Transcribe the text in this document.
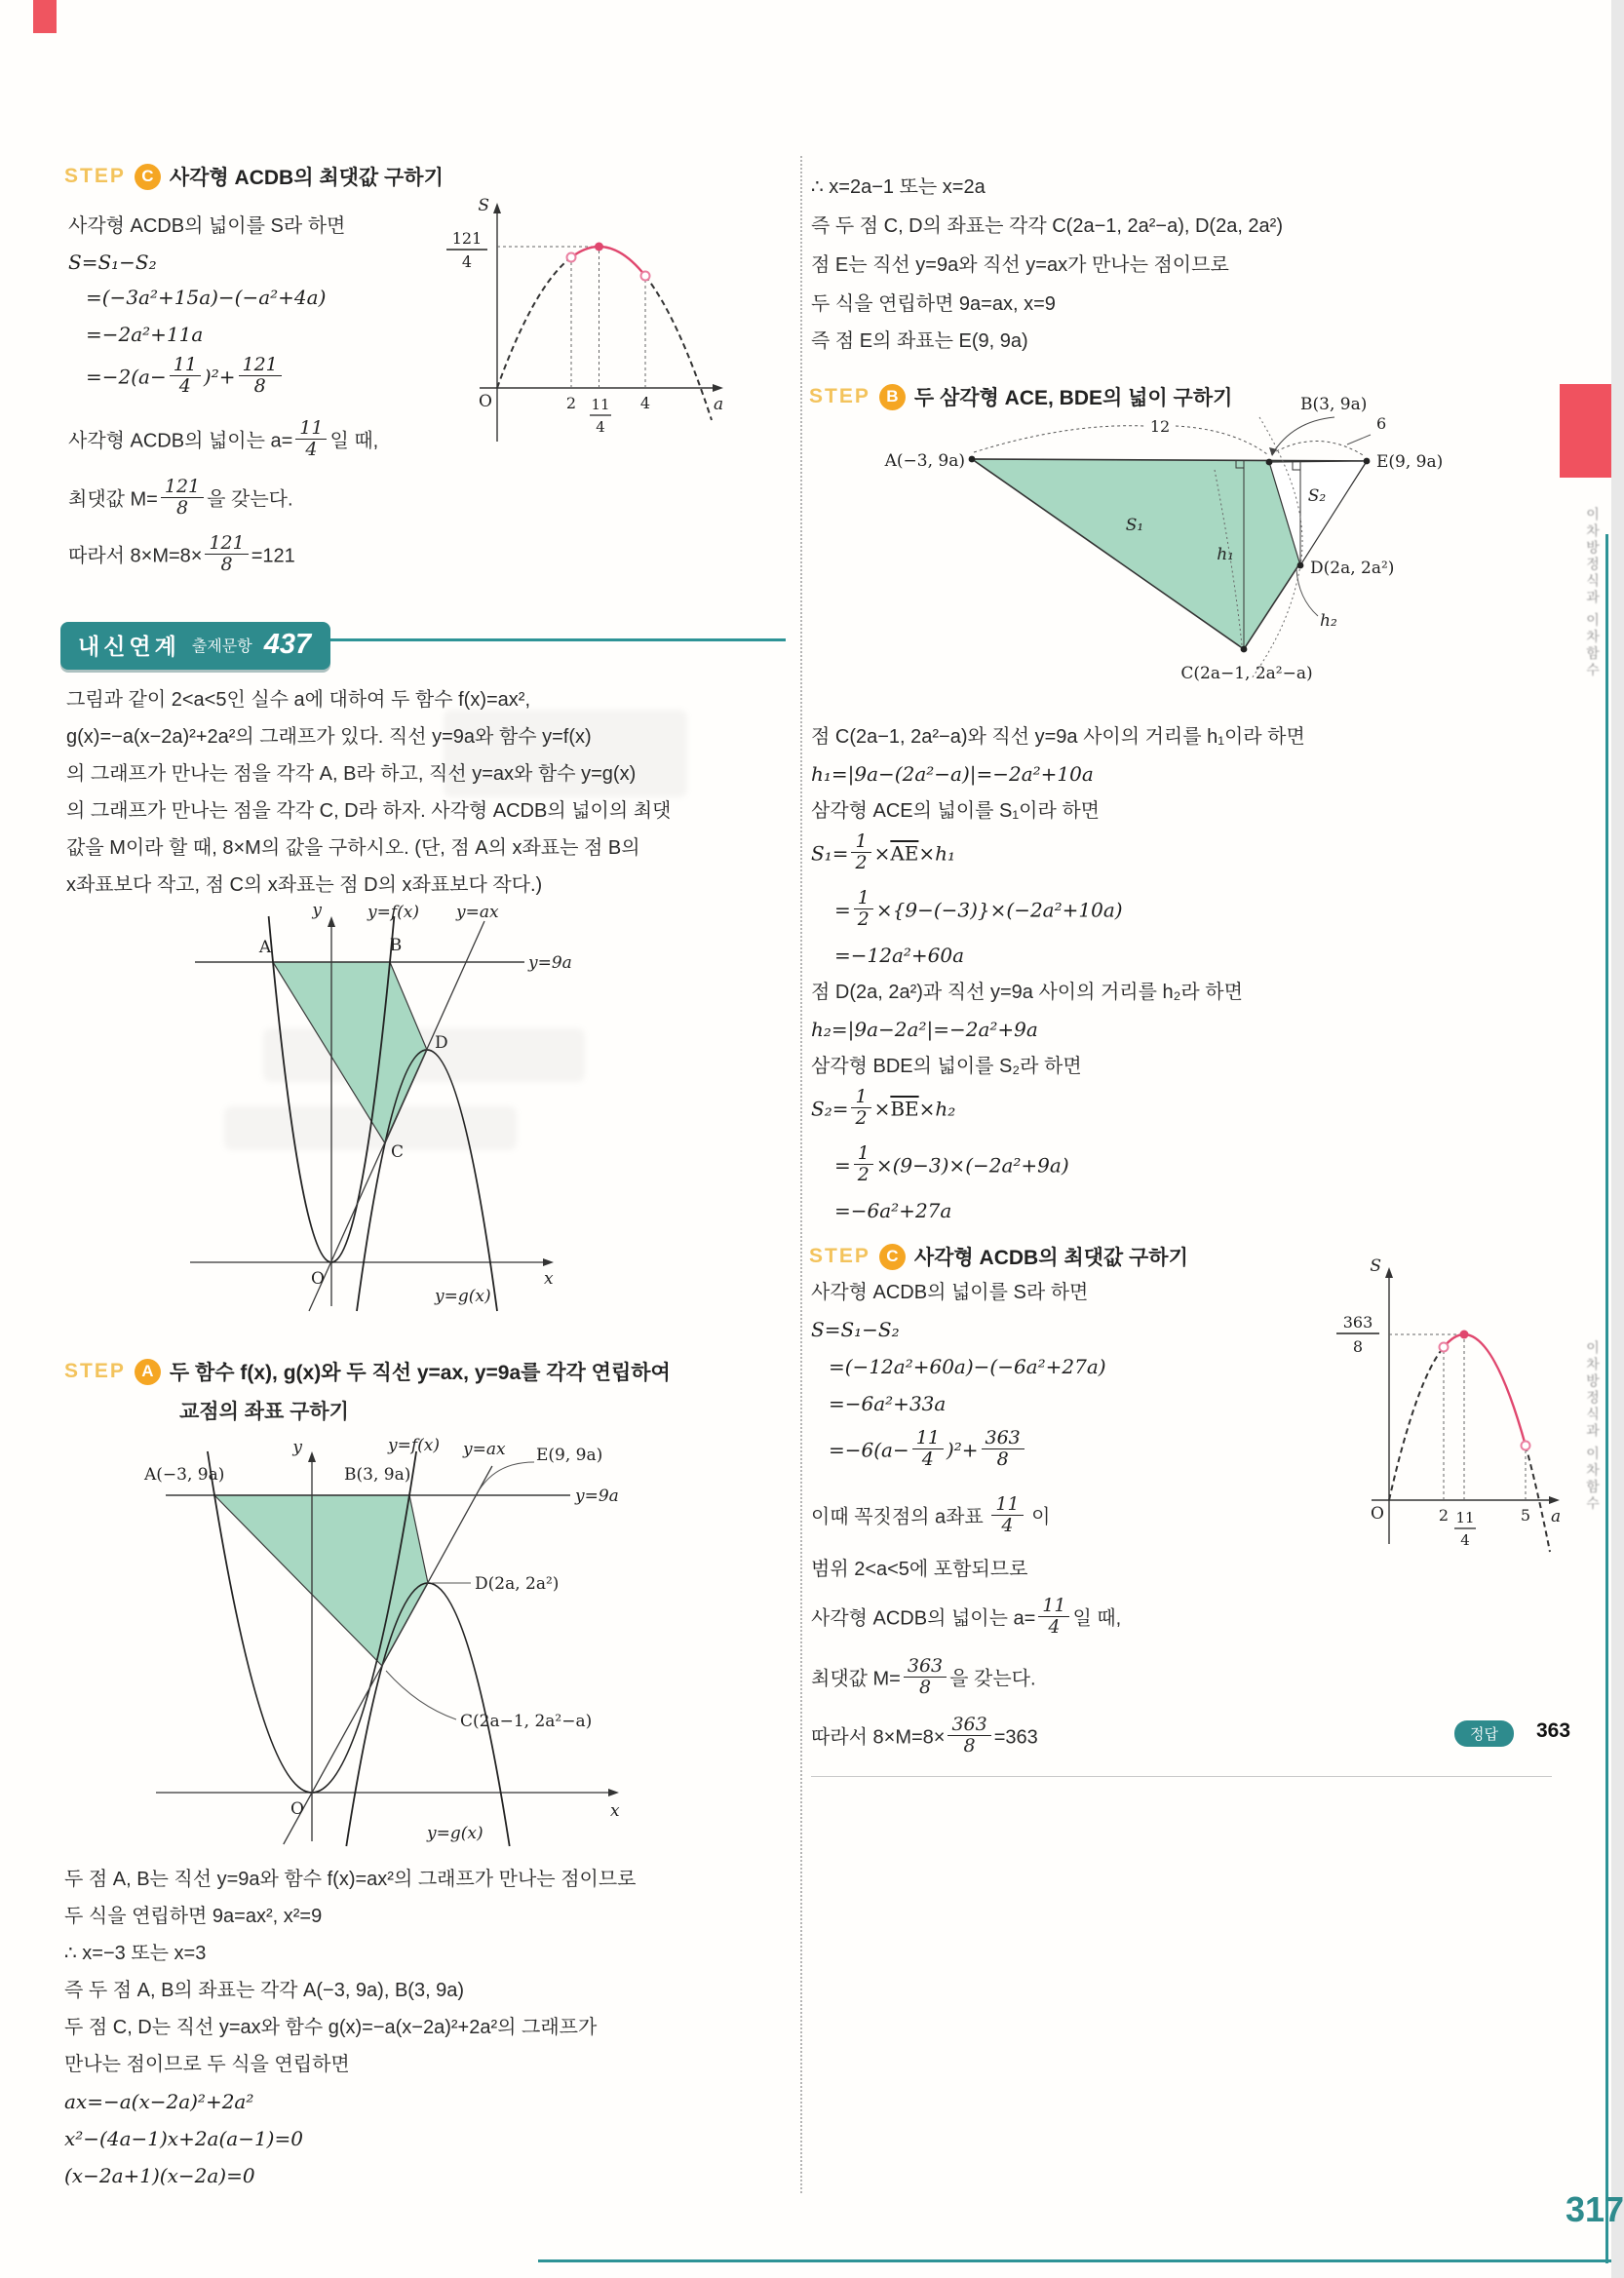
이차방정식과 이차함수
이차방정식과 이차함수
317
STEP C 사각형 ACDB의 최댓값 구하기
사각형 ACDB의 넓이를 S라 하면
S=S₁−S₂
=(−3a²+15a)−(−a²+4a)
=−2a²+11a
$=-2(a- \frac{11}{4} )^2+ \frac{121}{8}$
사각형 ACDB의 넓이는 $a= \frac{11}{4}$ 일 때,
최댓값 $M= \frac{121}{8}$ 을 갖는다.
따라서 $8\times M=8\times \frac{121}{8} =121$
S
121
4
O	2 11
4
4	a
내신연계 출제문항 437
그림과 같이 2<a<5인 실수 a에 대하여 두 함수 f(x)=ax²,
g(x)=−a(x−2a)²+2a²의 그래프가 있다. 직선 y=9a와 함수 y=f(x)
의 그래프가 만나는 점을 각각 A, B라 하고, 직선 y=ax와 함수 y=g(x)
의 그래프가 만나는 점을 각각 C, D라 하자. 사각형 ACDB의 넓이의 최댓
값을 M이라 할 때, 8×M의 값을 구하시오. (단, 점 A의 x좌표는 점 B의
x좌표보다 작고, 점 C의 x좌표는 점 D의 x좌표보다 작다.)
y	y=f(x) y=ax
y=9a
A	B
D
C
O	x
y=g(x)
STEP A 두 함수 f(x), g(x)와 두 직선 y=ax, y=9a를 각각 연립하여
교점의 좌표 구하기
y	y=f(x) y=ax E(9, 9a)
A(−3, 9a)	B(3, 9a)
y=9a
D(2a, 2a²)
C(2a−1, 2a²−a)
O	x
y=g(x)
두 점 A, B는 직선 y=9a와 함수 f(x)=ax²의 그래프가 만나는 점이므로
두 식을 연립하면 9a=ax², x²=9
∴ x=−3 또는 x=3
즉 두 점 A, B의 좌표는 각각 A(−3, 9a), B(3, 9a)
두 점 C, D는 직선 y=ax와 함수 g(x)=−a(x−2a)²+2a²의 그래프가
만나는 점이므로 두 식을 연립하면
ax=−a(x−2a)²+2a²
x²−(4a−1)x+2a(a−1)=0
(x−2a+1)(x−2a)=0
∴ x=2a−1 또는 x=2a
즉 두 점 C, D의 좌표는 각각 C(2a−1, 2a²−a), D(2a, 2a²)
점 E는 직선 y=9a와 직선 y=ax가 만나는 점이므로
두 식을 연립하면 9a=ax, x=9
즉 점 E의 좌표는 E(9, 9a)
STEP B 두 삼각형 ACE, BDE의 넓이 구하기	B(3, 9a)
12	6
A(−3, 9a)	E(9, 9a)
S₁
S₂
h₁
h₂
D(2a, 2a²)
C(2a−1, 2a²−a)
점 C(2a−1, 2a²−a)와 직선 y=9a 사이의 거리를 h₁이라 하면
h₁=|9a−(2a²−a)|=−2a²+10a
삼각형 ACE의 넓이를 S₁이라 하면
$S_1= \frac{1}{2} \times\overline{AE}\times h_1$
= $\frac{1}{2} \times\{9-(-3)\}\times(-2a^2+10a)$
=−12a²+60a
점 D(2a, 2a²)과 직선 y=9a 사이의 거리를 h₂라 하면
h₂=|9a−2a²|=−2a²+9a
삼각형 BDE의 넓이를 S₂라 하면
$S_2= \frac{1}{2} \times\overline{BE}\times h_2$
= $\frac{1}{2} \times(9-3)\times(-2a^2+9a)$
=−6a²+27a
STEP C 사각형 ACDB의 최댓값 구하기
사각형 ACDB의 넓이를 S라 하면
S=S₁−S₂
=(−12a²+60a)−(−6a²+27a)
=−6a²+33a
$=-6(a- \frac{11}{4} )^2+ \frac{363}{8}$
이때 꼭짓점의 a좌표 $\frac{11}{4}$ 이
범위 2<a<5에 포함되므로
사각형 ACDB의 넓이는 $a= \frac{11}{4}$ 일 때,
최댓값 $M= \frac{363}{8}$ 을 갖는다.
따라서 $8\times M=8\times \frac{363}{8} =363$	정답	363
S
363
8
O	2 11
4
5 a
